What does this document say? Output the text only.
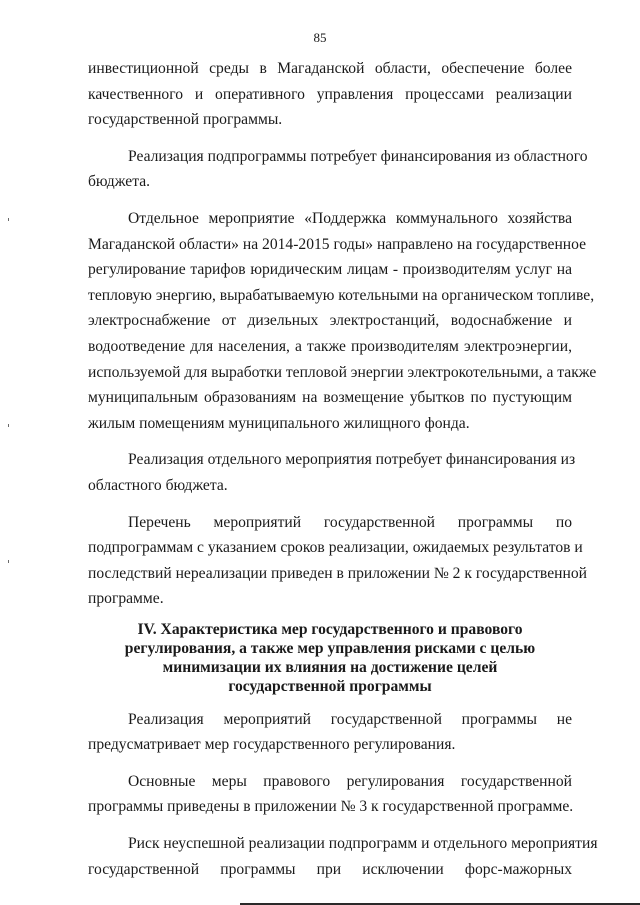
85
инвестиционной среды в Магаданской области, обеспечение более
качественного и оперативного управления процессами реализации
государственной программы.
Реализация подпрограммы потребует финансирования из областного
бюджета.
Отдельное мероприятие «Поддержка коммунального хозяйства
Магаданской области» на 2014-2015 годы» направлено на государственное
регулирование тарифов юридическим лицам - производителям услуг на
тепловую энергию, вырабатываемую котельными на органическом топливе,
электроснабжение от дизельных электростанций, водоснабжение и
водоотведение для населения, а также производителям электроэнергии,
используемой для выработки тепловой энергии электрокотельными, а также
муниципальным образованиям на возмещение убытков по пустующим
жилым помещениям муниципального жилищного фонда.
Реализация отдельного мероприятия потребует финансирования из
областного бюджета.
Перечень мероприятий государственной программы по
подпрограммам с указанием сроков реализации, ожидаемых результатов и
последствий нереализации приведен в приложении № 2 к государственной
программе.
IV. Характеристика мер государственного и правового
регулирования, а также мер управления рисками с целью
минимизации их влияния на достижение целей
государственной программы
Реализация мероприятий государственной программы не
предусматривает мер государственного регулирования.
Основные меры правового регулирования государственной
программы приведены в приложении № 3 к государственной программе.
Риск неуспешной реализации подпрограмм и отдельного мероприятия
государственной программы при исключении форс-мажорных
